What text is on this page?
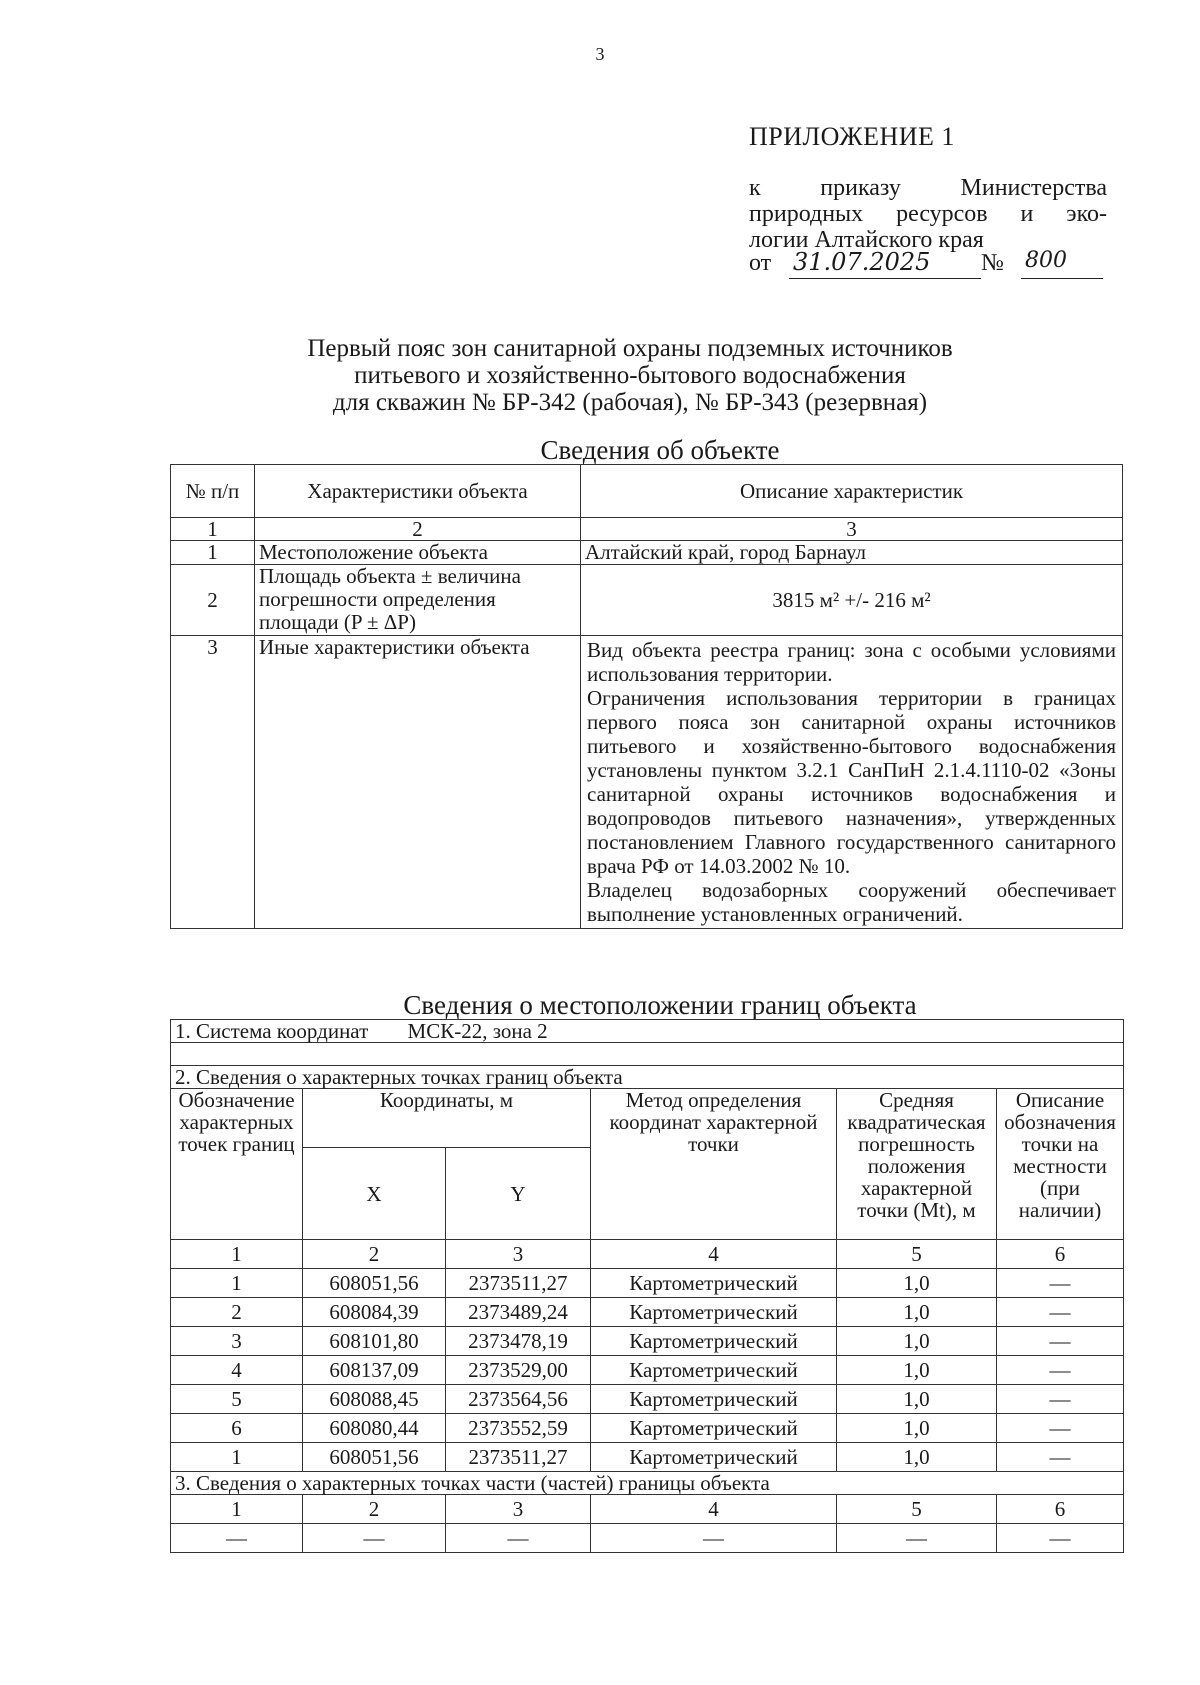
3
ПРИЛОЖЕНИЕ 1
к приказу Министерства
природных ресурсов и эко-
логии Алтайского края
от 31.07.2025	№ 800
Первый пояс зон санитарной охраны подземных источников
питьевого и хозяйственно-бытового водоснабжения
для скважин № БР-342 (рабочая), № БР-343 (резервная)
Сведения об объекте
№ п/п	Характеристики объекта	Описание характеристик
1	2	3
1	Местоположение объекта	Алтайский край, город Барнаул
2	Площадь объекта ± величина погрешности определения площади (P ± ΔP)	3815 м² +/- 216 м²
3	Иные характеристики объекта	Вид объекта реестра границ: зона с особыми условиями использования территории.

Ограничения использования территории в границах первого пояса зон санитарной охраны источников питьевого и хозяйственно-бытового водоснабжения установлены пунктом 3.2.1 СанПиН 2.1.4.1110-02 «Зоны санитарной охраны источников водоснабжения и водопроводов питьевого назначения», утвержденных постановлением Главного государственного санитарного врача РФ от 14.03.2002 № 10.

Владелец водозаборных сооружений обеспечивает выполнение установленных ограничений.

Сведения о местоположении границ объекта
1. Система координат МСК-22, зона 2					

2. Сведения о характерных точках границ объекта					
Обозначение характерных точек границ	Координаты, м		Метод определения координат характерной точки	Средняя квадратическая погрешность положения характерной точки (Mt), м	Описание обозначения точки на местности (при наличии)
	X	Y			
1	2	3	4	5	6
1	608051,56	2373511,27	Картометрический	1,0	—
2	608084,39	2373489,24	Картометрический	1,0	—
3	608101,80	2373478,19	Картометрический	1,0	—
4	608137,09	2373529,00	Картометрический	1,0	—
5	608088,45	2373564,56	Картометрический	1,0	—
6	608080,44	2373552,59	Картометрический	1,0	—
1	608051,56	2373511,27	Картометрический	1,0	—
3. Сведения о характерных точках части (частей) границы объекта					
1	2	3	4	5	6
—	—	—	—	—	—
